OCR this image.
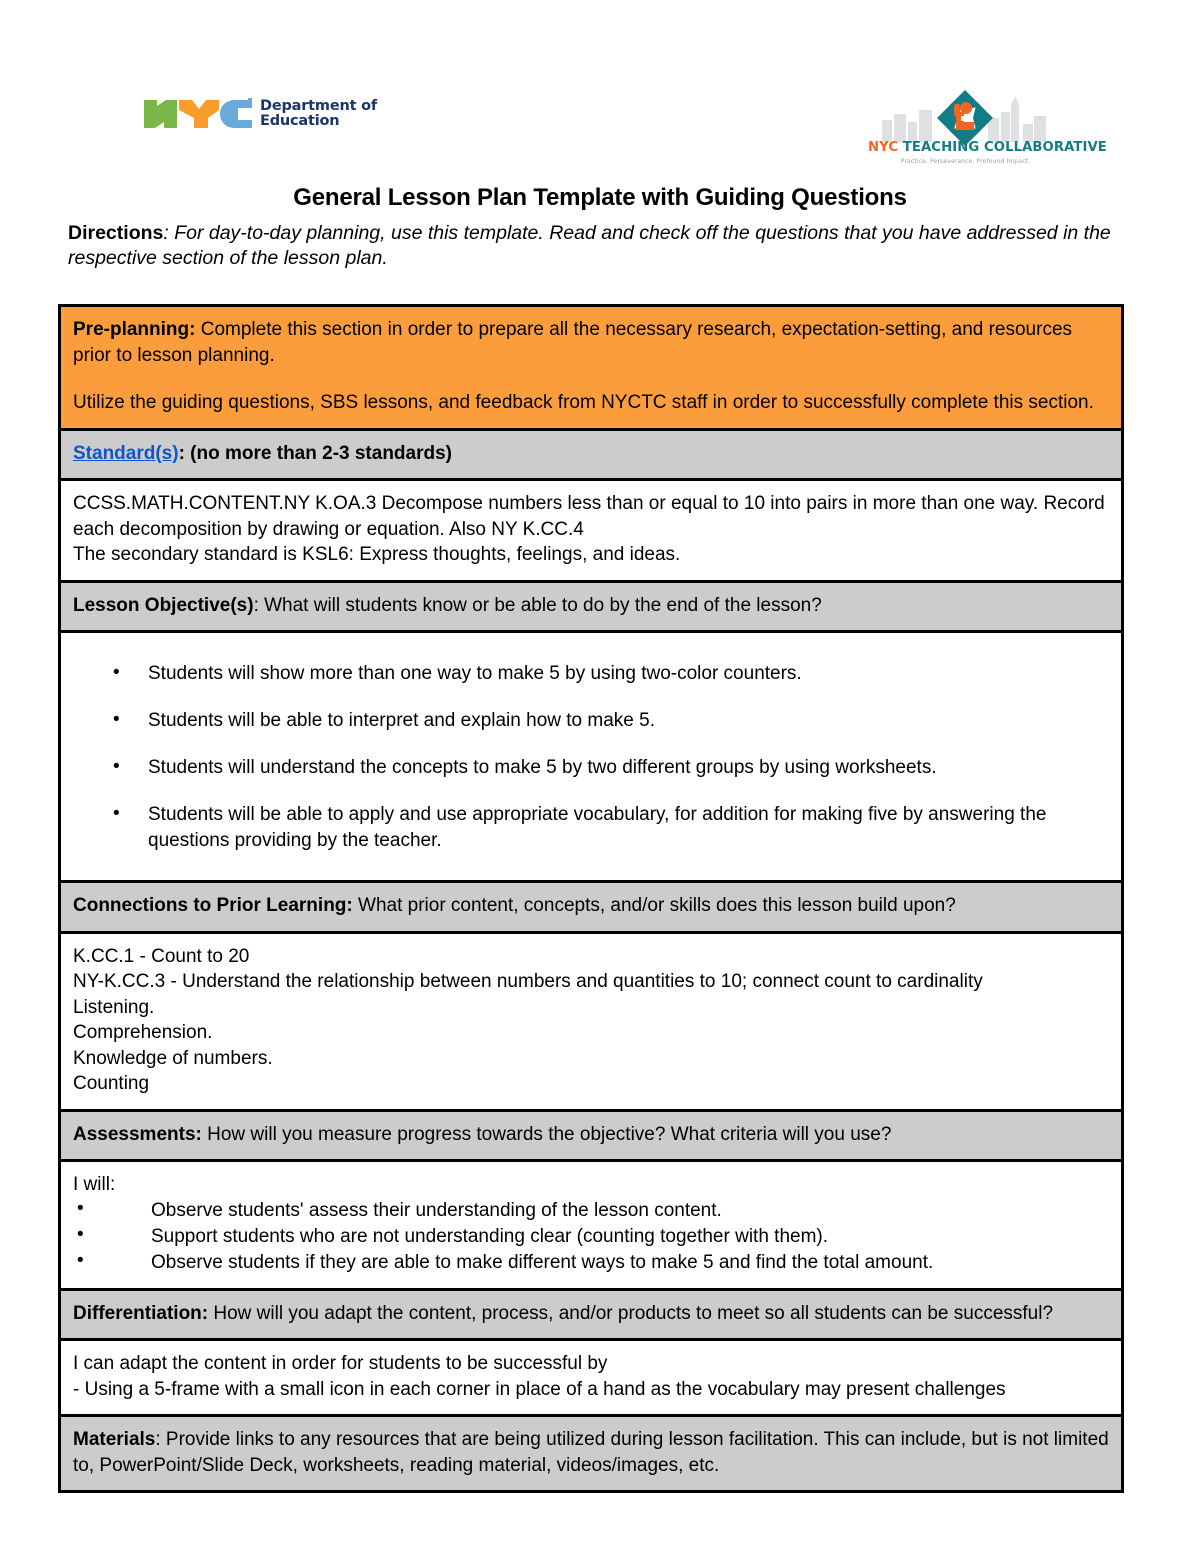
Department of
Education
NYC TEACHING COLLABORATIVE
Practice. Perseverance. Profound Impact.
General Lesson Plan Template with Guiding Questions
Directions: For day-to-day planning, use this template. Read and check off the questions that you have addressed in the respective section of the lesson plan.

Pre-planning: Complete this section in order to prepare all the necessary research, expectation-setting, and resources prior to lesson planning.

Utilize the guiding questions, SBS lessons, and feedback from NYCTC staff in order to successfully complete this section.

Standard(s): (no more than 2-3 standards)

CCSS.MATH.CONTENT.NY K.OA.3 Decompose numbers less than or equal to 10 into pairs in more than one way. Record each decomposition by drawing or equation. Also NY K.CC.4

The secondary standard is KSL6: Express thoughts, feelings, and ideas.

Lesson Objective(s): What will students know or be able to do by the end of the lesson?

• Students will show more than one way to make 5 by using two-color counters.
• Students will be able to interpret and explain how to make 5.
• Students will understand the concepts to make 5 by two different groups by using worksheets.
• Students will be able to apply and use appropriate vocabulary, for addition for making five by answering the questions providing by the teacher.

Connections to Prior Learning: What prior content, concepts, and/or skills does this lesson build upon?

K.CC.1 - Count to 20

NY-K.CC.3 - Understand the relationship between numbers and quantities to 10; connect count to cardinality

Listening.

Comprehension.

Knowledge of numbers.

Counting

Assessments: How will you measure progress towards the objective? What criteria will you use?

I will:

• Observe students' assess their understanding of the lesson content.
• Support students who are not understanding clear (counting together with them).
• Observe students if they are able to make different ways to make 5 and find the total amount.

Differentiation: How will you adapt the content, process, and/or products to meet so all students can be successful?

I can adapt the content in order for students to be successful by

- Using a 5-frame with a small icon in each corner in place of a hand as the vocabulary may present challenges

Materials: Provide links to any resources that are being utilized during lesson facilitation. This can include, but is not limited to, PowerPoint/Slide Deck, worksheets, reading material, videos/images, etc.
